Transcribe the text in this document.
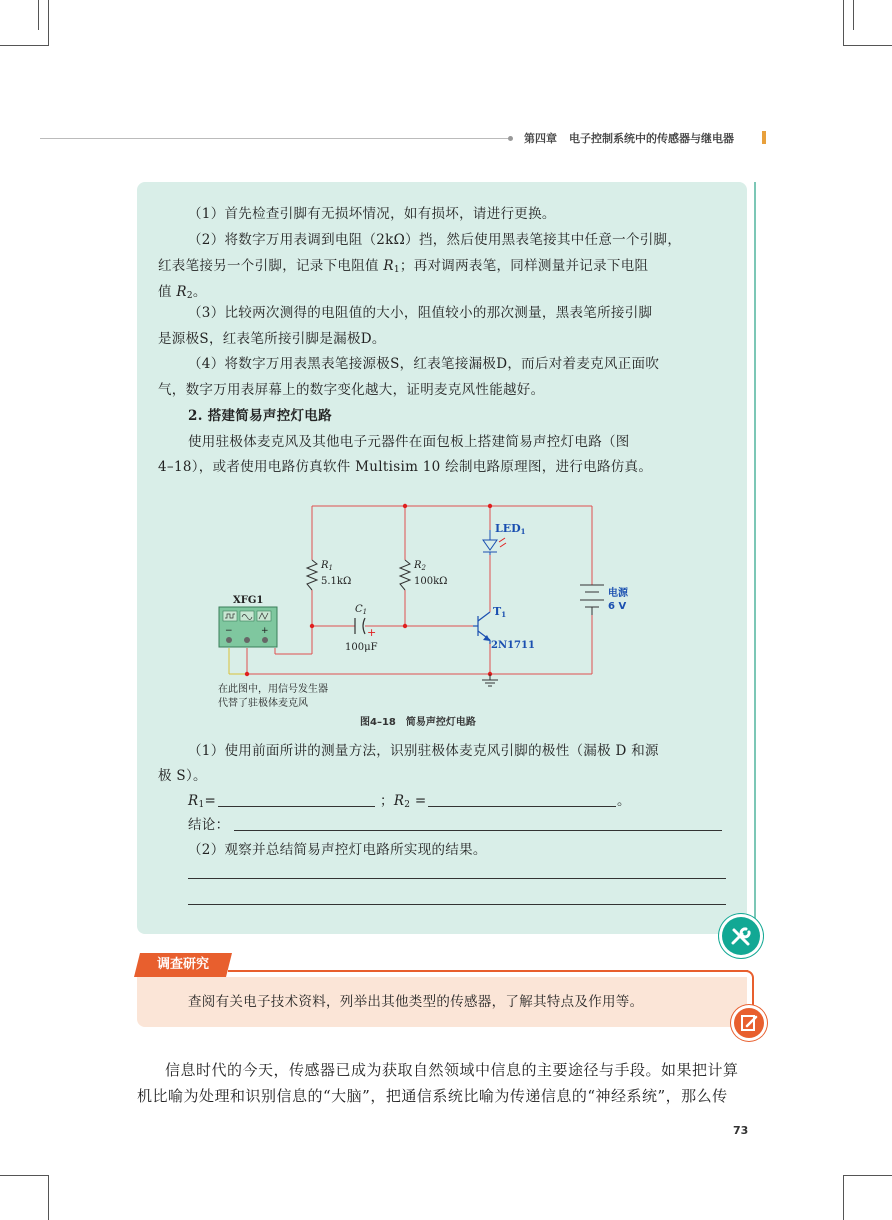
第四章 电子控制系统中的传感器与继电器

（1）首先检查引脚有无损坏情况，如有损坏，请进行更换。

（2）将数字万用表调到电阻（2kΩ）挡，然后使用黑表笔接其中任意一个引脚，

红表笔接另一个引脚，记录下电阻值 $R_1$；再对调两表笔，同样测量并记录下电阻

值 $R_2$。

（3）比较两次测得的电阻值的大小，阻值较小的那次测量，黑表笔所接引脚

是源极S，红表笔所接引脚是漏极D。

（4）将数字万用表黑表笔接源极S，红表笔接漏极D，而后对着麦克风正面吹

气，数字万用表屏幕上的数字变化越大，证明麦克风性能越好。

2. 搭建简易声控灯电路

使用驻极体麦克风及其他电子元器件在面包板上搭建简易声控灯电路（图

4–18），或者使用电路仿真软件 Multisim 10 绘制电路原理图，进行电路仿真。

$R_1$
5.1kΩ
$R_2$
100kΩ
$C_1$
+
100μF
LED1
T1
2N1711
电源
6 V
XFG1
−	+
在此图中，用信号发生器
代替了驻极体麦克风
图4–18　简易声控灯电路

（1）使用前面所讲的测量方法，识别驻极体麦克风引脚的极性（漏极 D 和源

极 S）。

$R_1=$	；$R_2$ =	。

结论：

（2）观察并总结简易声控灯电路所实现的结果。

调查研究

查阅有关电子技术资料，列举出其他类型的传感器，了解其特点及作用等。

信息时代的今天，传感器已成为获取自然领域中信息的主要途径与手段。如果把计算

机比喻为处理和识别信息的“大脑”，把通信系统比喻为传递信息的“神经系统”，那么传

73
